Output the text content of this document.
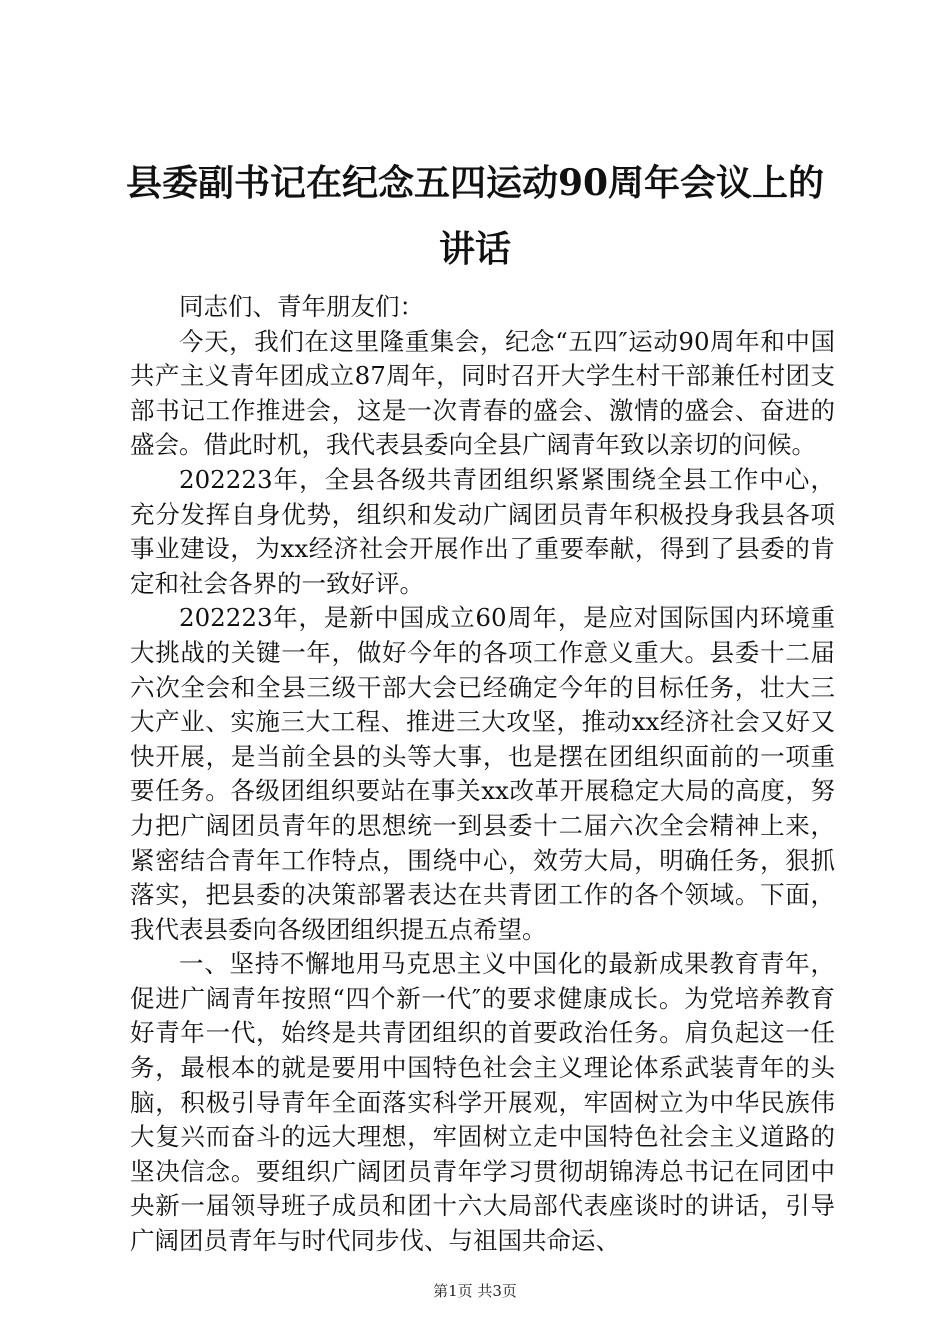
县委副书记在纪念五四运动90周年会议上的讲话

同志们、青年朋友们：

今天，我们在这里隆重集会，纪念“五四″运动90周年和中国共产主义青年团成立87周年，同时召开大学生村干部兼任村团支部书记工作推进会，这是一次青春的盛会、激情的盛会、奋进的盛会。借此时机，我代表县委向全县广阔青年致以亲切的问候。

202223年，全县各级共青团组织紧紧围绕全县工作中心，充分发挥自身优势，组织和发动广阔团员青年积极投身我县各项事业建设，为xx经济社会开展作出了重要奉献，得到了县委的肯定和社会各界的一致好评。

202223年，是新中国成立60周年，是应对国际国内环境重大挑战的关键一年，做好今年的各项工作意义重大。县委十二届六次全会和全县三级干部大会已经确定今年的目标任务，壮大三大产业、实施三大工程、推进三大攻坚，推动xx经济社会又好又快开展，是当前全县的头等大事，也是摆在团组织面前的一项重要任务。各级团组织要站在事关xx改革开展稳定大局的高度，努力把广阔团员青年的思想统一到县委十二届六次全会精神上来，紧密结合青年工作特点，围绕中心，效劳大局，明确任务，狠抓落实，把县委的决策部署表达在共青团工作的各个领域。下面，我代表县委向各级团组织提五点希望。

一、坚持不懈地用马克思主义中国化的最新成果教育青年，促进广阔青年按照“四个新一代″的要求健康成长。为党培养教育好青年一代，始终是共青团组织的首要政治任务。肩负起这一任务，最根本的就是要用中国特色社会主义理论体系武装青年的头脑，积极引导青年全面落实科学开展观，牢固树立为中华民族伟大复兴而奋斗的远大理想，牢固树立走中国特色社会主义道路的坚决信念。要组织广阔团员青年学习贯彻胡锦涛总书记在同团中央新一届领导班子成员和团十六大局部代表座谈时的讲话，引导广阔团员青年与时代同步伐、与祖国共命运、

第1页 共3页
